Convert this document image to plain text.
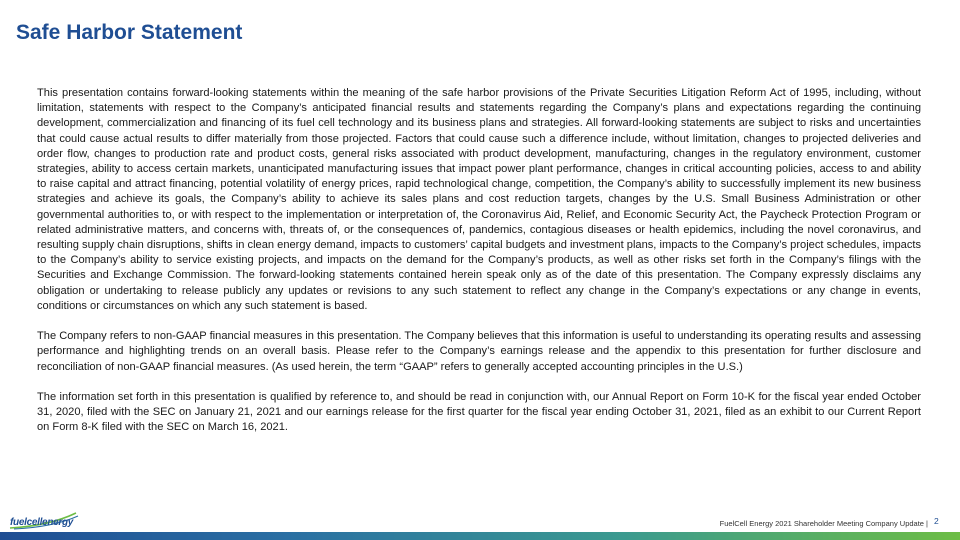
Safe Harbor Statement

This presentation contains forward-looking statements within the meaning of the safe harbor provisions of the Private Securities Litigation Reform Act of 1995, including, without limitation, statements with respect to the Company’s anticipated financial results and statements regarding the Company’s plans and expectations regarding the continuing development, commercialization and financing of its fuel cell technology and its business plans and strategies. All forward-looking statements are subject to risks and uncertainties that could cause actual results to differ materially from those projected. Factors that could cause such a difference include, without limitation, changes to projected deliveries and order flow, changes to production rate and product costs, general risks associated with product development, manufacturing, changes in the regulatory environment, customer strategies, ability to access certain markets, unanticipated manufacturing issues that impact power plant performance, changes in critical accounting policies, access to and ability to raise capital and attract financing, potential volatility of energy prices, rapid technological change, competition, the Company’s ability to successfully implement its new business strategies and achieve its goals, the Company’s ability to achieve its sales plans and cost reduction targets, changes by the U.S. Small Business Administration or other governmental authorities to, or with respect to the implementation or interpretation of, the Coronavirus Aid, Relief, and Economic Security Act, the Paycheck Protection Program or related administrative matters, and concerns with, threats of, or the consequences of, pandemics, contagious diseases or health epidemics, including the novel coronavirus, and resulting supply chain disruptions, shifts in clean energy demand, impacts to customers’ capital budgets and investment plans, impacts to the Company’s project schedules, impacts to the Company’s ability to service existing projects, and impacts on the demand for the Company’s products, as well as other risks set forth in the Company’s filings with the Securities and Exchange Commission. The forward-looking statements contained herein speak only as of the date of this presentation. The Company expressly disclaims any obligation or undertaking to release publicly any updates or revisions to any such statement to reflect any change in the Company’s expectations or any change in events, conditions or circumstances on which any such statement is based.

The Company refers to non-GAAP financial measures in this presentation. The Company believes that this information is useful to understanding its operating results and assessing performance and highlighting trends on an overall basis. Please refer to the Company’s earnings release and the appendix to this presentation for further disclosure and reconciliation of non-GAAP financial measures. (As used herein, the term “GAAP” refers to generally accepted accounting principles in the U.S.)

The information set forth in this presentation is qualified by reference to, and should be read in conjunction with, our Annual Report on Form 10-K for the fiscal year ended October 31, 2020, filed with the SEC on January 21, 2021 and our earnings release for the first quarter for the fiscal year ending October 31, 2021, filed as an exhibit to our Current Report on Form 8-K filed with the SEC on March 16, 2021.

fuelcellenergy	FuelCell Energy 2021 Shareholder Meeting Company Update | 2
